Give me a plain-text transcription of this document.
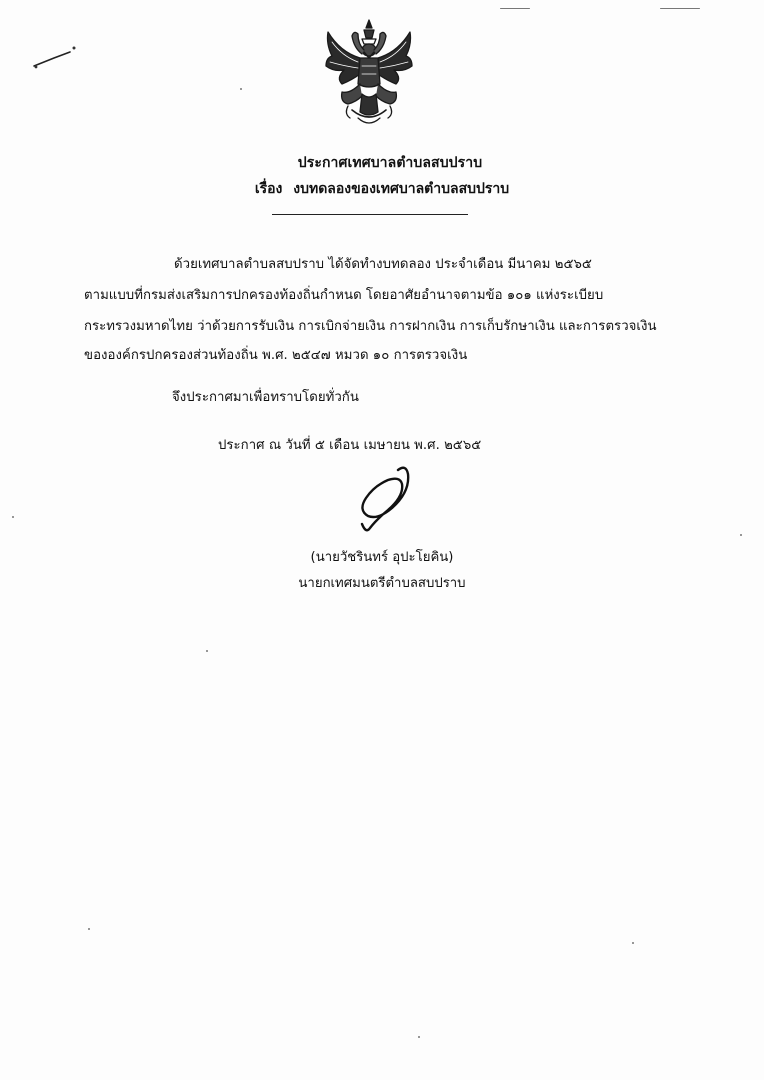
ประกาศเทศบาลตำบลสบปราบ
เรื่อง งบทดลองของเทศบาลตำบลสบปราบ
ด้วยเทศบาลตำบลสบปราบ ได้จัดทำงบทดลอง ประจำเดือน มีนาคม ๒๕๖๕
ตามแบบที่กรมส่งเสริมการปกครองท้องถิ่นกำหนด โดยอาศัยอำนาจตามข้อ ๑๐๑ แห่งระเบียบ
กระทรวงมหาดไทย ว่าด้วยการรับเงิน การเบิกจ่ายเงิน การฝากเงิน การเก็บรักษาเงิน และการตรวจเงิน
ขององค์กรปกครองส่วนท้องถิ่น พ.ศ. ๒๕๔๗ หมวด ๑๐ การตรวจเงิน
จึงประกาศมาเพื่อทราบโดยทั่วกัน
ประกาศ ณ วันที่ ๕ เดือน เมษายน พ.ศ. ๒๕๖๕
(นายวัชรินทร์ อุปะโยคิน)
นายกเทศมนตรีตำบลสบปราบ
